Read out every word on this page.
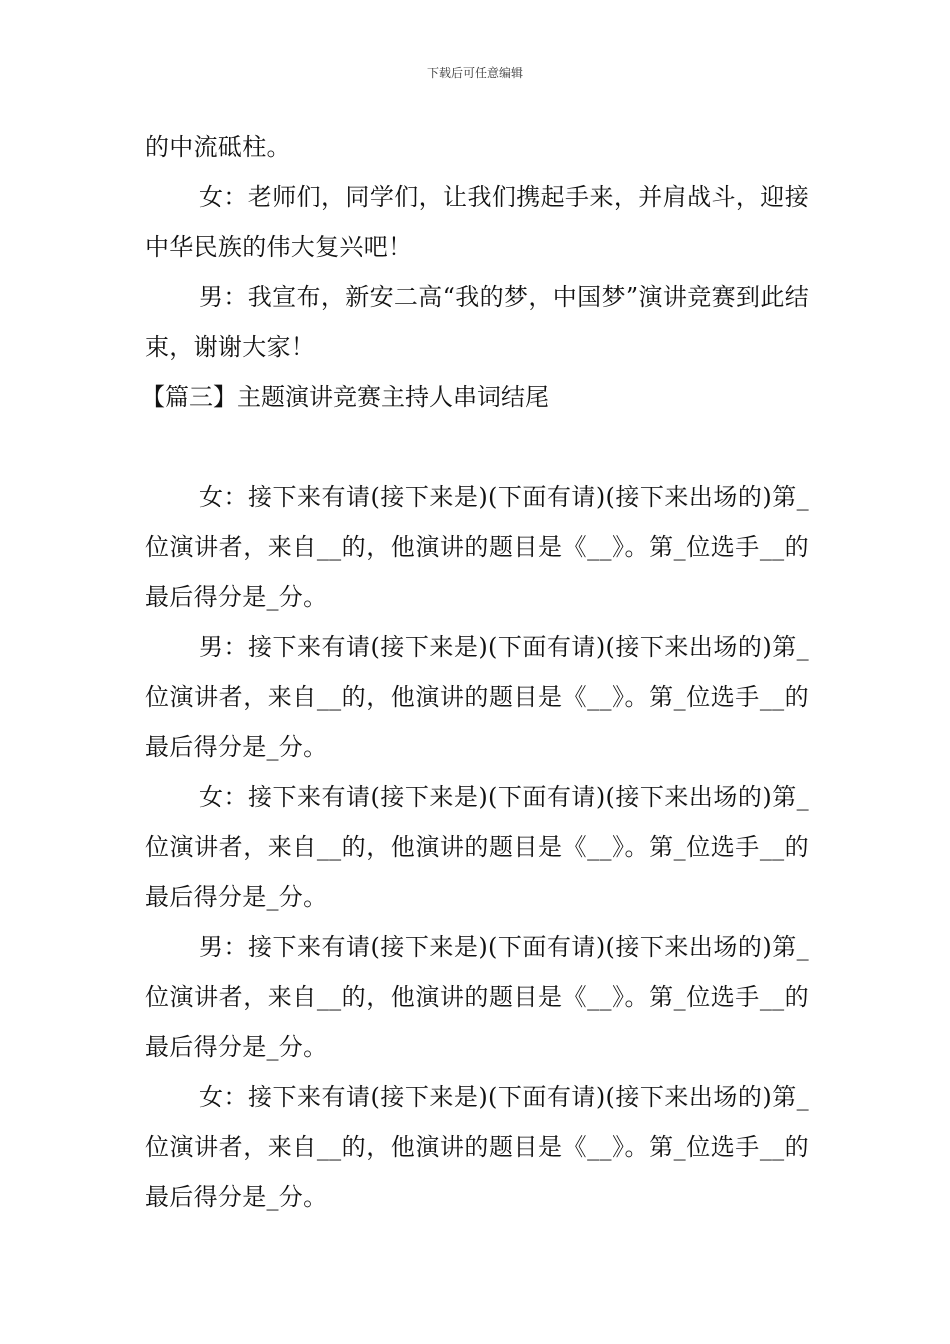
下载后可任意编辑

的中流砥柱。

女：老师们，同学们，让我们携起手来，并肩战斗，迎接中华民族的伟大复兴吧！

男：我宣布，新安二高“我的梦，中国梦”演讲竞赛到此结束，谢谢大家！

【篇三】主题演讲竞赛主持人串词结尾

女：接下来有请(接下来是)(下面有请)(接下来出场的)第_位演讲者，来自__的，他演讲的题目是《__》。第_位选手__的最后得分是_分。

男：接下来有请(接下来是)(下面有请)(接下来出场的)第_位演讲者，来自__的，他演讲的题目是《__》。第_位选手__的最后得分是_分。

女：接下来有请(接下来是)(下面有请)(接下来出场的)第_位演讲者，来自__的，他演讲的题目是《__》。第_位选手__的最后得分是_分。

男：接下来有请(接下来是)(下面有请)(接下来出场的)第_位演讲者，来自__的，他演讲的题目是《__》。第_位选手__的最后得分是_分。

女：接下来有请(接下来是)(下面有请)(接下来出场的)第_位演讲者，来自__的，他演讲的题目是《__》。第_位选手__的最后得分是_分。
